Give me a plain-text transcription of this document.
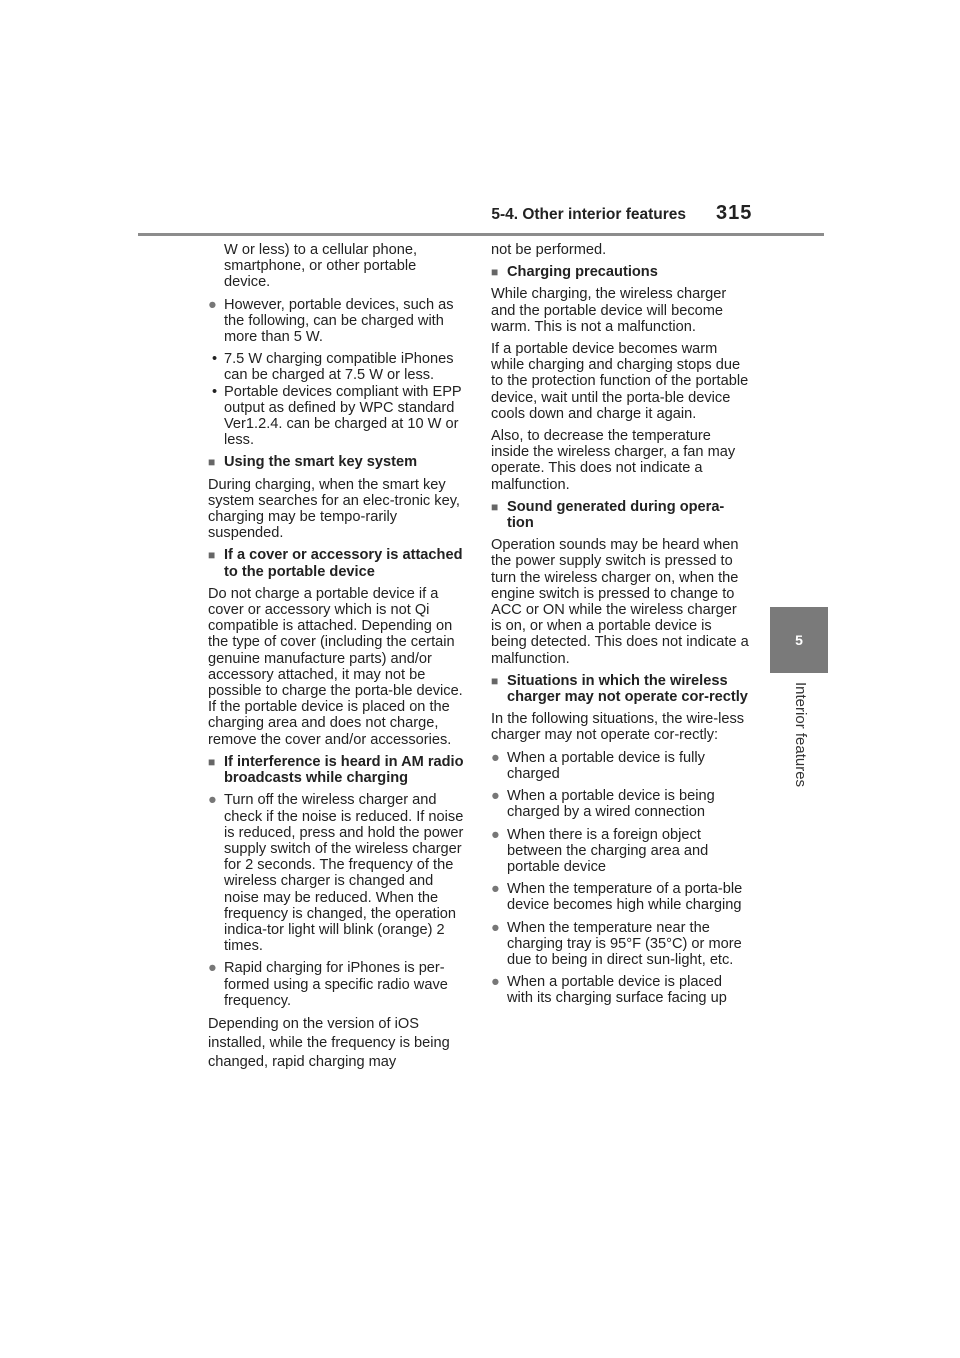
5-4. Other interior features 315
5
Interior features

W or less) to a cellular phone, smartphone, or other portable device.

● However, portable devices, such as the following, can be charged with more than 5 W.
• 7.5 W charging compatible iPhones can be charged at 7.5 W or less.
• Portable devices compliant with EPP output as defined by WPC standard Ver1.2.4. can be charged at 10 W or less.
■ Using the smart key system

During charging, when the smart key system searches for an elec-tronic key, charging may be tempo-rarily suspended.

■ If a cover or accessory is attached to the portable device

Do not charge a portable device if a cover or accessory which is not Qi compatible is attached. Depending on the type of cover (including the certain genuine manufacture parts) and/or accessory attached, it may not be possible to charge the porta-ble device. If the portable device is placed on the charging area and does not charge, remove the cover and/or accessories.

■ If interference is heard in AM radio broadcasts while charging
● Turn off the wireless charger and check if the noise is reduced. If noise is reduced, press and hold the power supply switch of the wireless charger for 2 seconds. The frequency of the wireless charger is changed and noise may be reduced. When the frequency is changed, the operation indica-tor light will blink (orange) 2 times.
● Rapid charging for iPhones is per-formed using a specific radio wave frequency.

Depending on the version of iOS installed, while the frequency is being changed, rapid charging may

not be performed.

■ Charging precautions

While charging, the wireless charger and the portable device will become warm. This is not a malfunction.

If a portable device becomes warm while charging and charging stops due to the protection function of the portable device, wait until the porta-ble device cools down and charge it again.

Also, to decrease the temperature inside the wireless charger, a fan may operate. This does not indicate a malfunction.

■ Sound generated during opera-tion

Operation sounds may be heard when the power supply switch is pressed to turn the wireless charger on, when the engine switch is pressed to change to ACC or ON while the wireless charger is on, or when a portable device is being detected. This does not indicate a malfunction.

■ Situations in which the wireless charger may not operate cor-rectly

In the following situations, the wire-less charger may not operate cor-rectly:

● When a portable device is fully charged
● When a portable device is being charged by a wired connection
● When there is a foreign object between the charging area and portable device
● When the temperature of a porta-ble device becomes high while charging
● When the temperature near the charging tray is 95°F (35°C) or more due to being in direct sun-light, etc.
● When a portable device is placed with its charging surface facing up
